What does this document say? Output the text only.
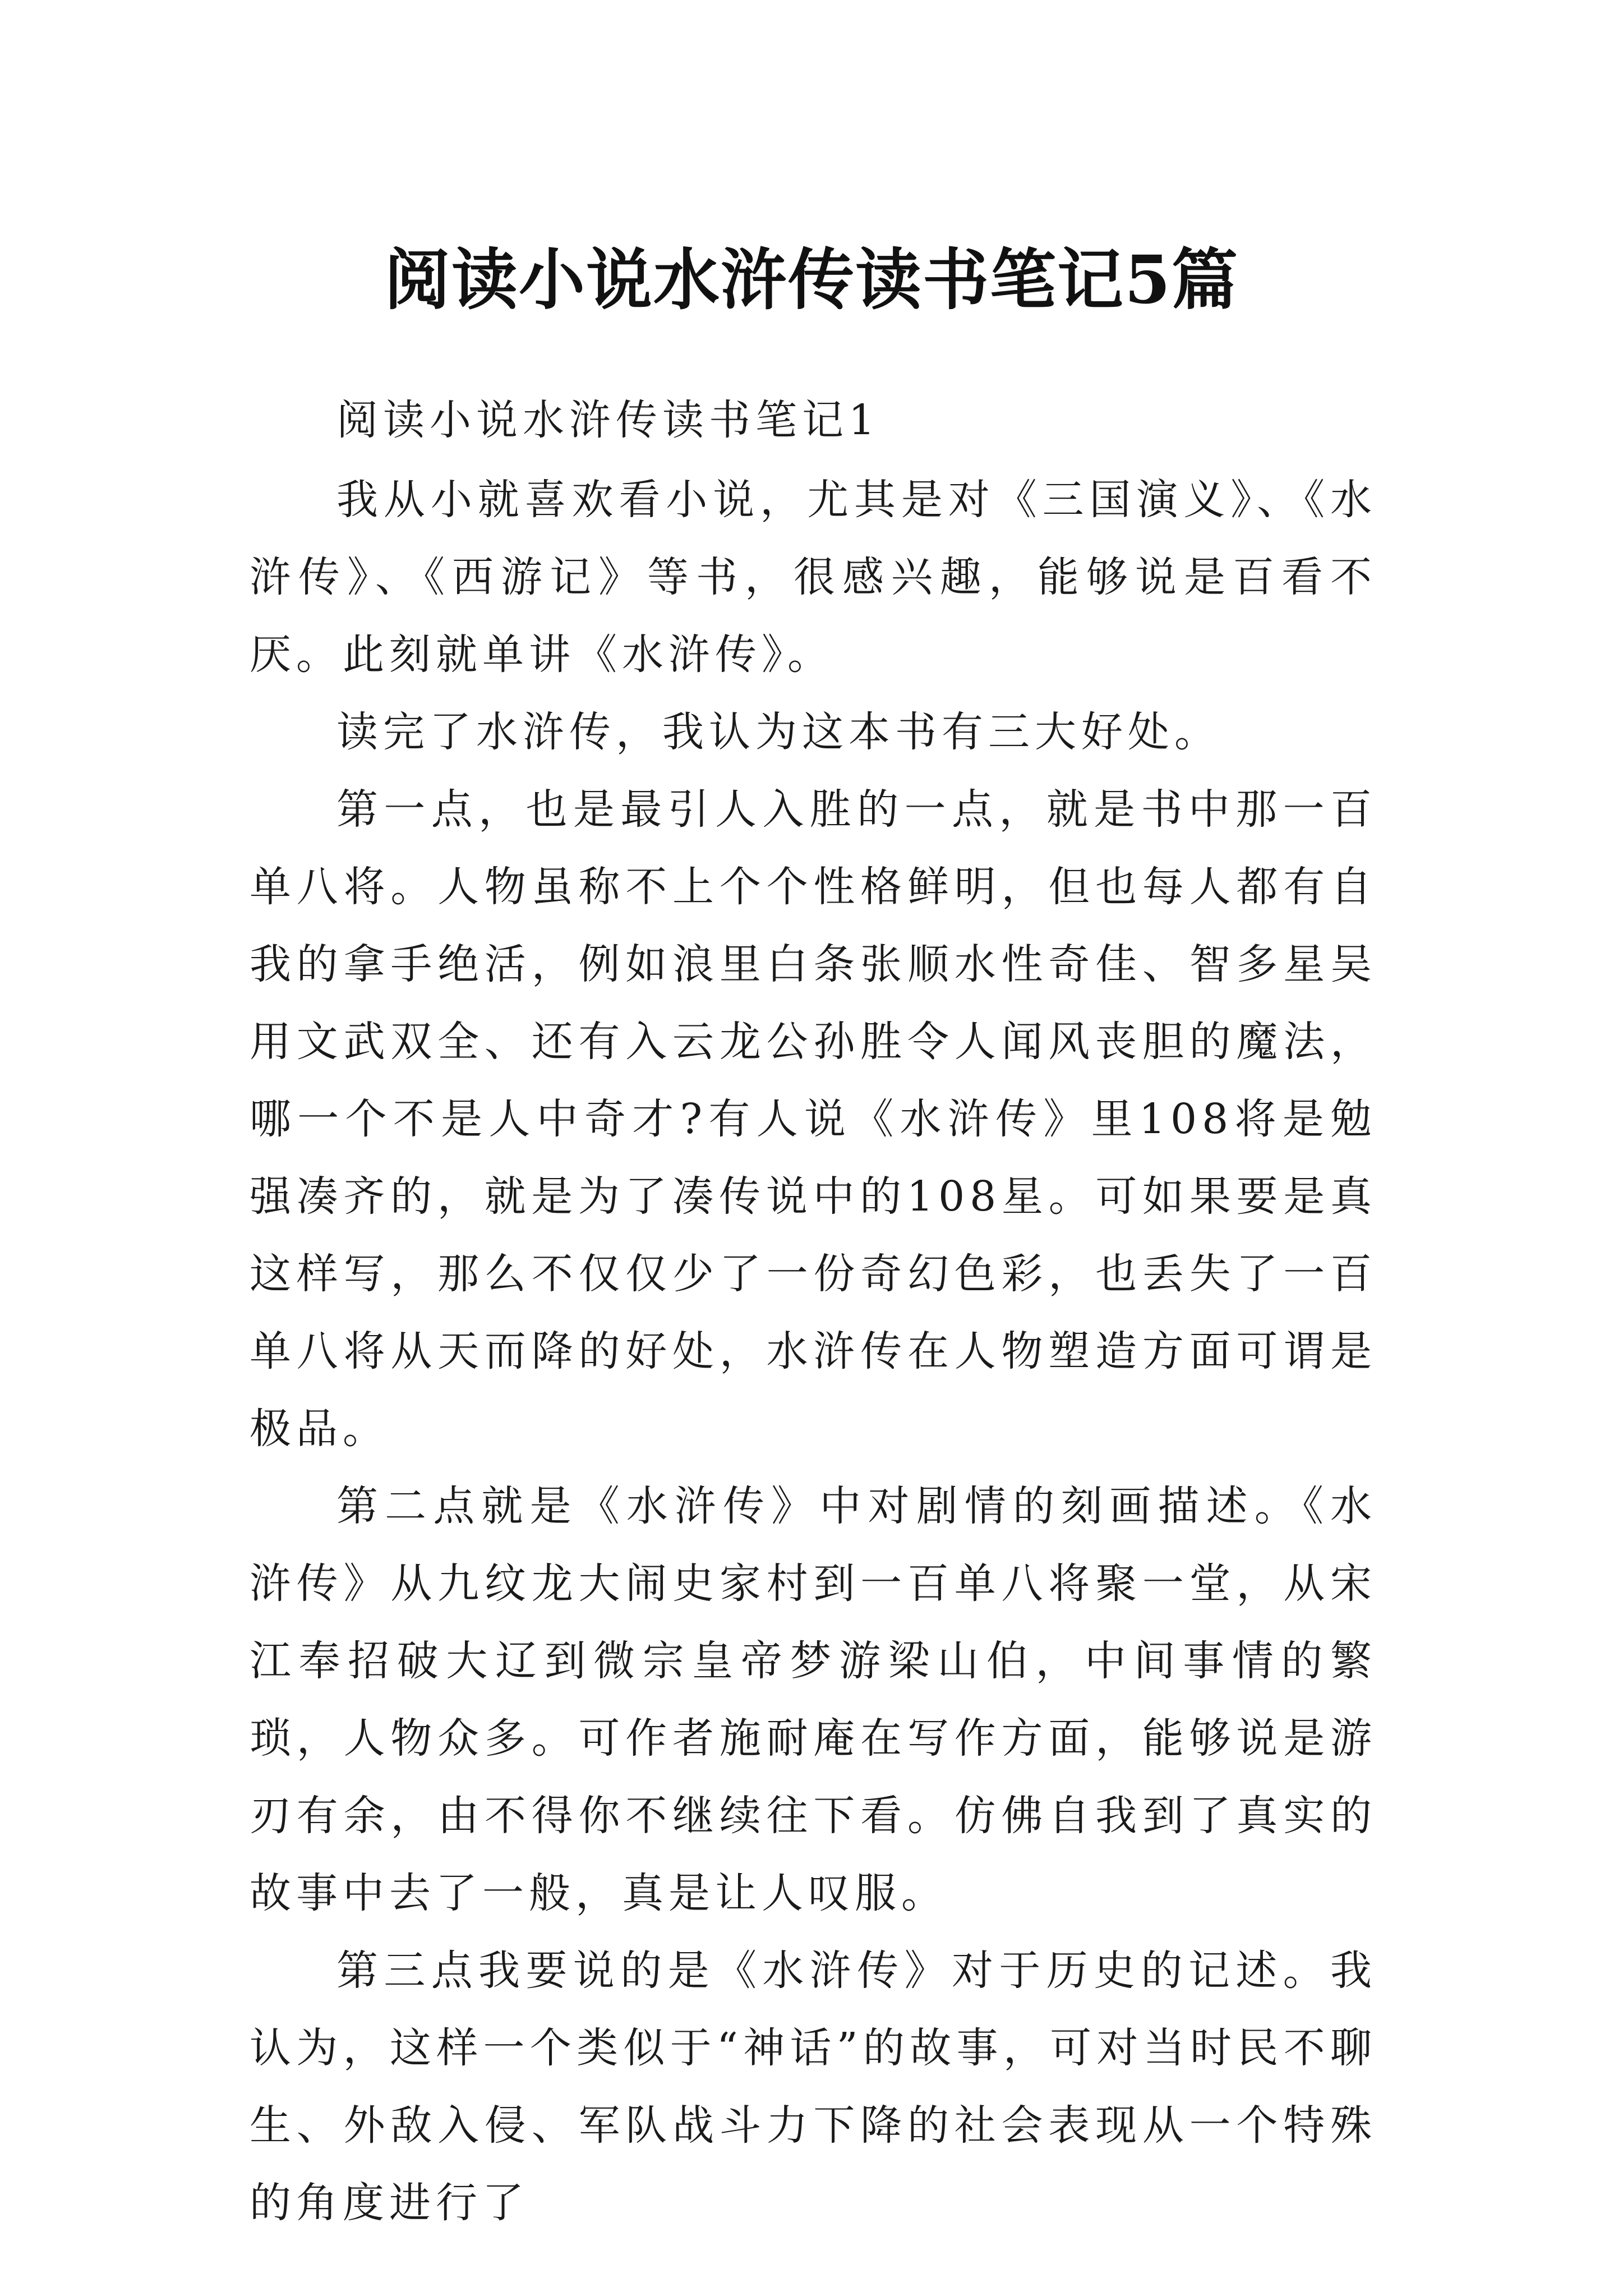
阅读小说水浒传读书笔记5篇

阅读小说水浒传读书笔记1

我从小就喜欢看小说，尤其是对《三国演义》、《水浒传》、《西游记》等书，很感兴趣，能够说是百看不厌。此刻就单讲《水浒传》。

读完了水浒传，我认为这本书有三大好处。

第一点，也是最引人入胜的一点，就是书中那一百单八将。人物虽称不上个个性格鲜明，但也每人都有自我的拿手绝活，例如浪里白条张顺水性奇佳、智多星吴用文武双全、还有入云龙公孙胜令人闻风丧胆的魔法，哪一个不是人中奇才?有人说《水浒传》里108将是勉强凑齐的，就是为了凑传说中的108星。可如果要是真这样写，那么不仅仅少了一份奇幻色彩，也丢失了一百单八将从天而降的好处，水浒传在人物塑造方面可谓是极品。

第二点就是《水浒传》中对剧情的刻画描述。《水浒传》从九纹龙大闹史家村到一百单八将聚一堂，从宋江奉招破大辽到微宗皇帝梦游梁山伯，中间事情的繁琐，人物众多。可作者施耐庵在写作方面，能够说是游刃有余，由不得你不继续往下看。仿佛自我到了真实的故事中去了一般，真是让人叹服。

第三点我要说的是《水浒传》对于历史的记述。我认为，这样一个类似于“神话”的故事，可对当时民不聊生、外敌入侵、军队战斗力下降的社会表现从一个特殊的角度进行了
